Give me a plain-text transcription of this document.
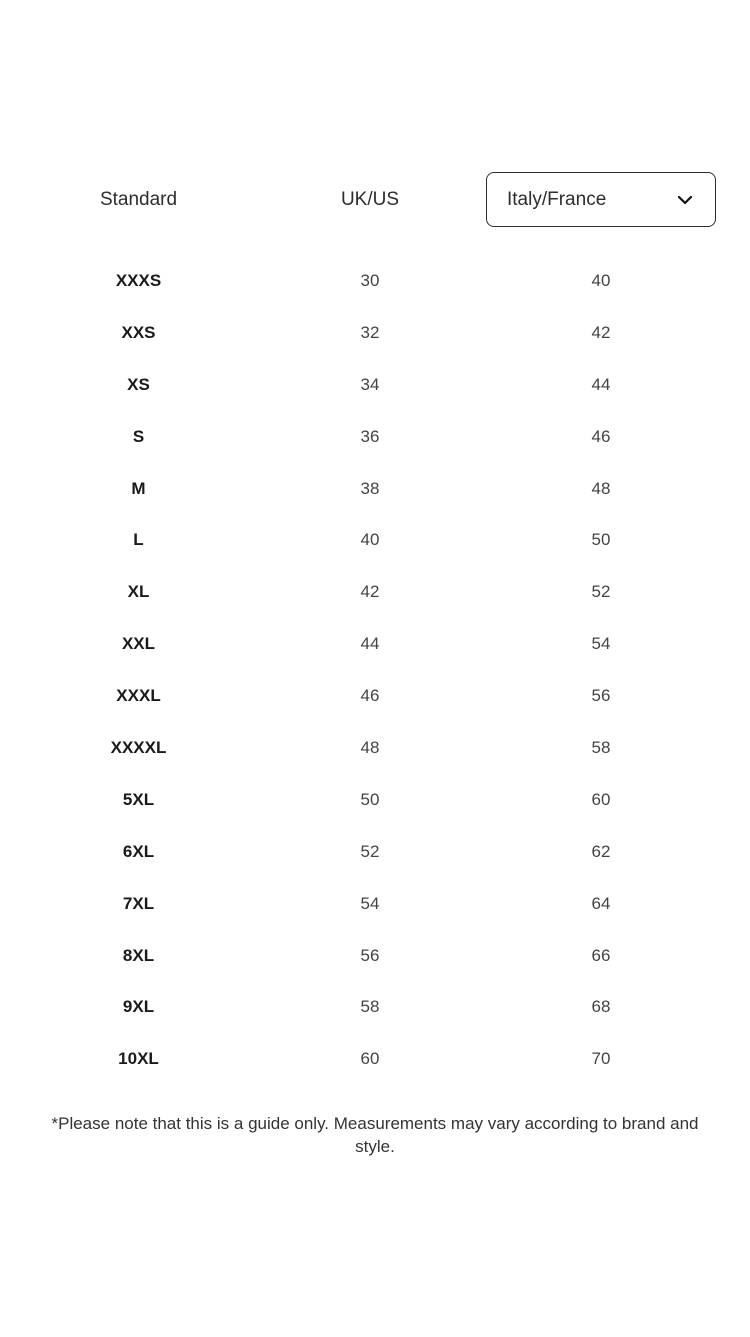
Standard	UK/US	Italy/France
XXXS	30	40
XXS	32	42
XS	34	44
S	36	46
M	38	48
L	40	50
XL	42	52
XXL	44	54
XXXL	46	56
XXXXL	48	58
5XL	50	60
6XL	52	62
7XL	54	64
8XL	56	66
9XL	58	68
10XL	60	70
*Please note that this is a guide only. Measurements may vary according to brand and style.
